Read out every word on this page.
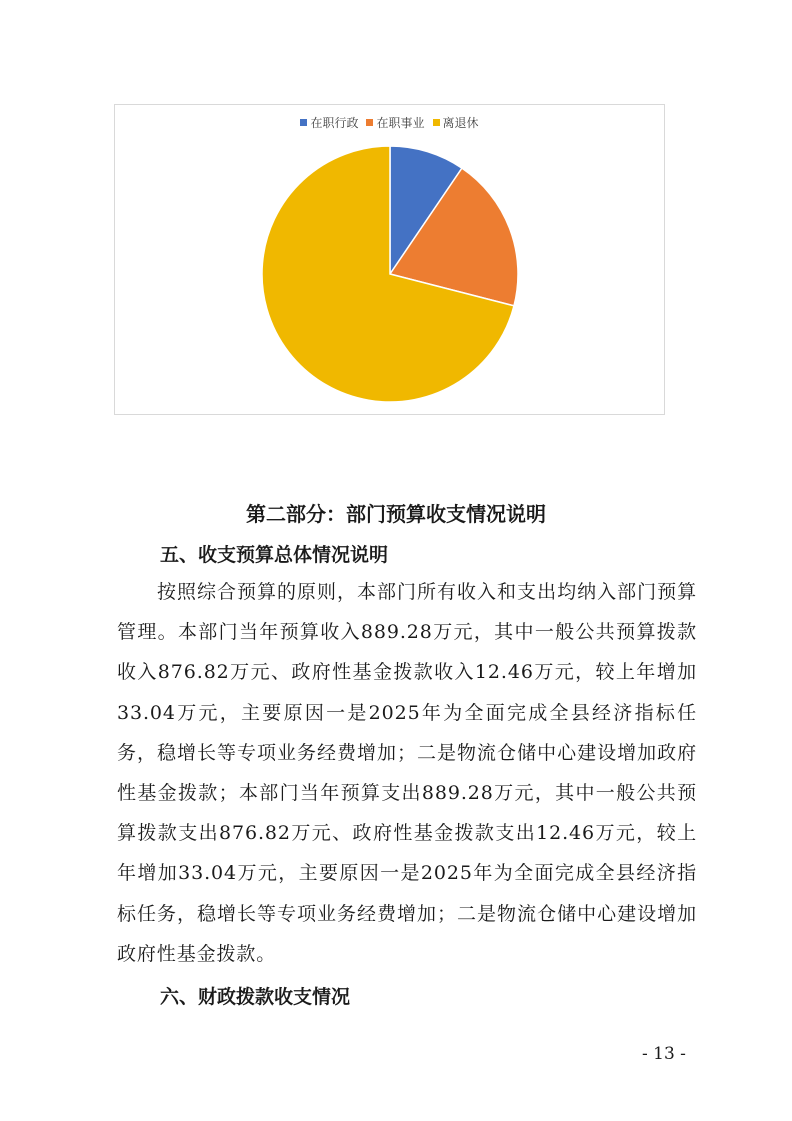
在职行政 在职事业 离退休
第二部分：部门预算收支情况说明
五、收支预算总体情况说明
按照综合预算的原则，本部门所有收入和支出均纳入部门预算管理。本部门当年预算收入889.28万元，其中一般公共预算拨款收入876.82万元、政府性基金拨款收入12.46万元，较上年增加33.04万元，主要原因一是2025年为全面完成全县经济指标任务，稳增长等专项业务经费增加；二是物流仓储中心建设增加政府性基金拨款；本部门当年预算支出889.28万元，其中一般公共预算拨款支出876.82万元、政府性基金拨款支出12.46万元，较上年增加33.04万元，主要原因一是2025年为全面完成全县经济指标任务，稳增长等专项业务经费增加；二是物流仓储中心建设增加政府性基金拨款。
六、财政拨款收支情况
- 13 -
